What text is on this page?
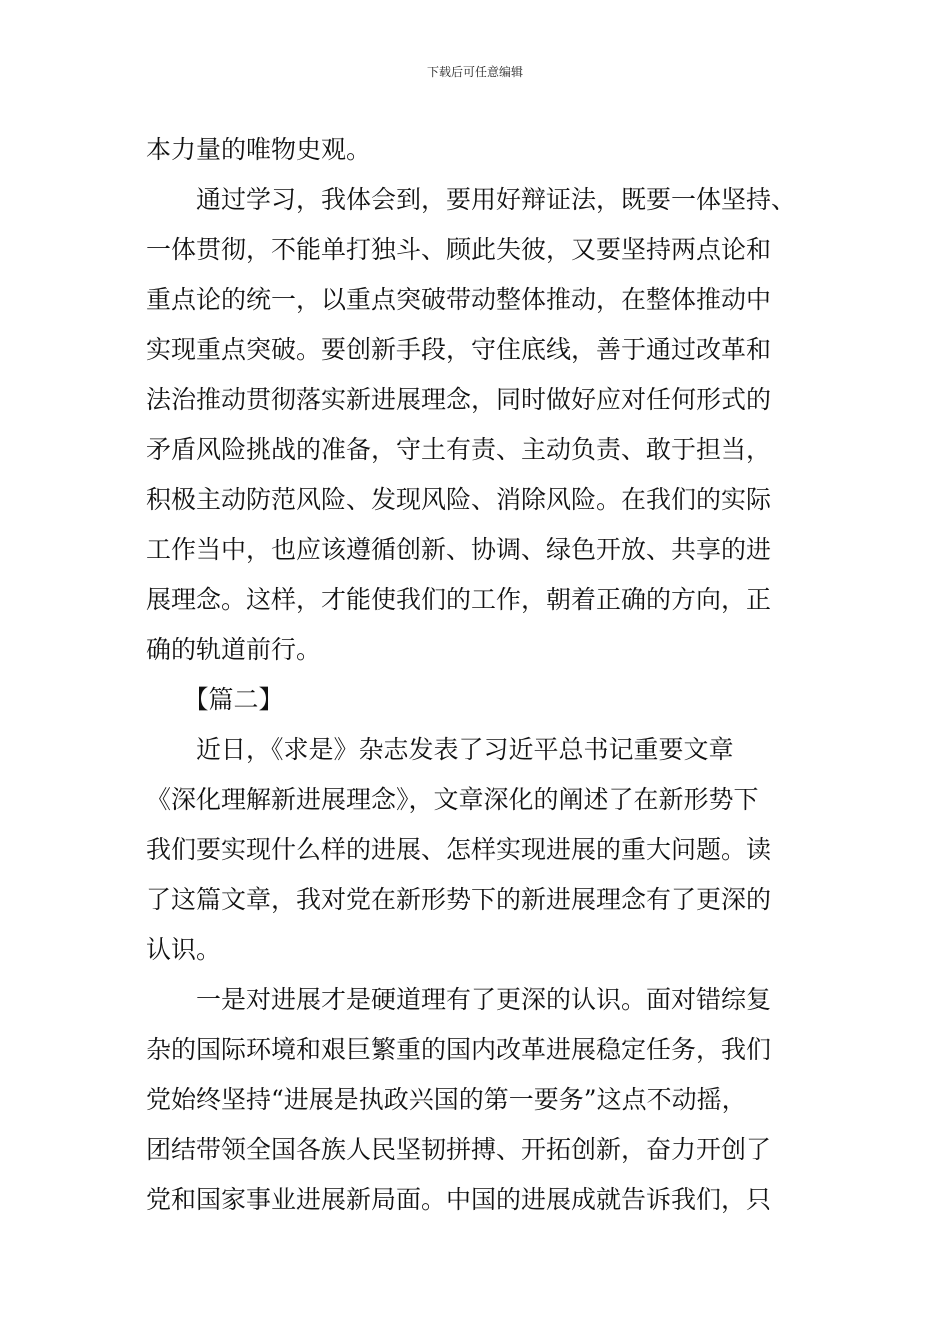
下载后可任意编辑
本力量的唯物史观。
　　通过学习，我体会到，要用好辩证法，既要一体坚持、
一体贯彻，不能单打独斗、顾此失彼，又要坚持两点论和
重点论的统一，以重点突破带动整体推动，在整体推动中
实现重点突破。要创新手段，守住底线，善于通过改革和
法治推动贯彻落实新进展理念，同时做好应对任何形式的
矛盾风险挑战的准备，守土有责、主动负责、敢于担当，
积极主动防范风险、发现风险、消除风险。在我们的实际
工作当中，也应该遵循创新、协调、绿色开放、共享的进
展理念。这样，才能使我们的工作，朝着正确的方向，正
确的轨道前行。
　　【篇二】
　　近日，《求是》杂志发表了习近平总书记重要文章
《深化理解新进展理念》，文章深化的阐述了在新形势下
我们要实现什么样的进展、怎样实现进展的重大问题。读
了这篇文章，我对党在新形势下的新进展理念有了更深的
认识。
　　一是对进展才是硬道理有了更深的认识。面对错综复
杂的国际环境和艰巨繁重的国内改革进展稳定任务，我们
党始终坚持“进展是执政兴国的第一要务”这点不动摇，
团结带领全国各族人民坚韧拼搏、开拓创新，奋力开创了
党和国家事业进展新局面。中国的进展成就告诉我们，只
